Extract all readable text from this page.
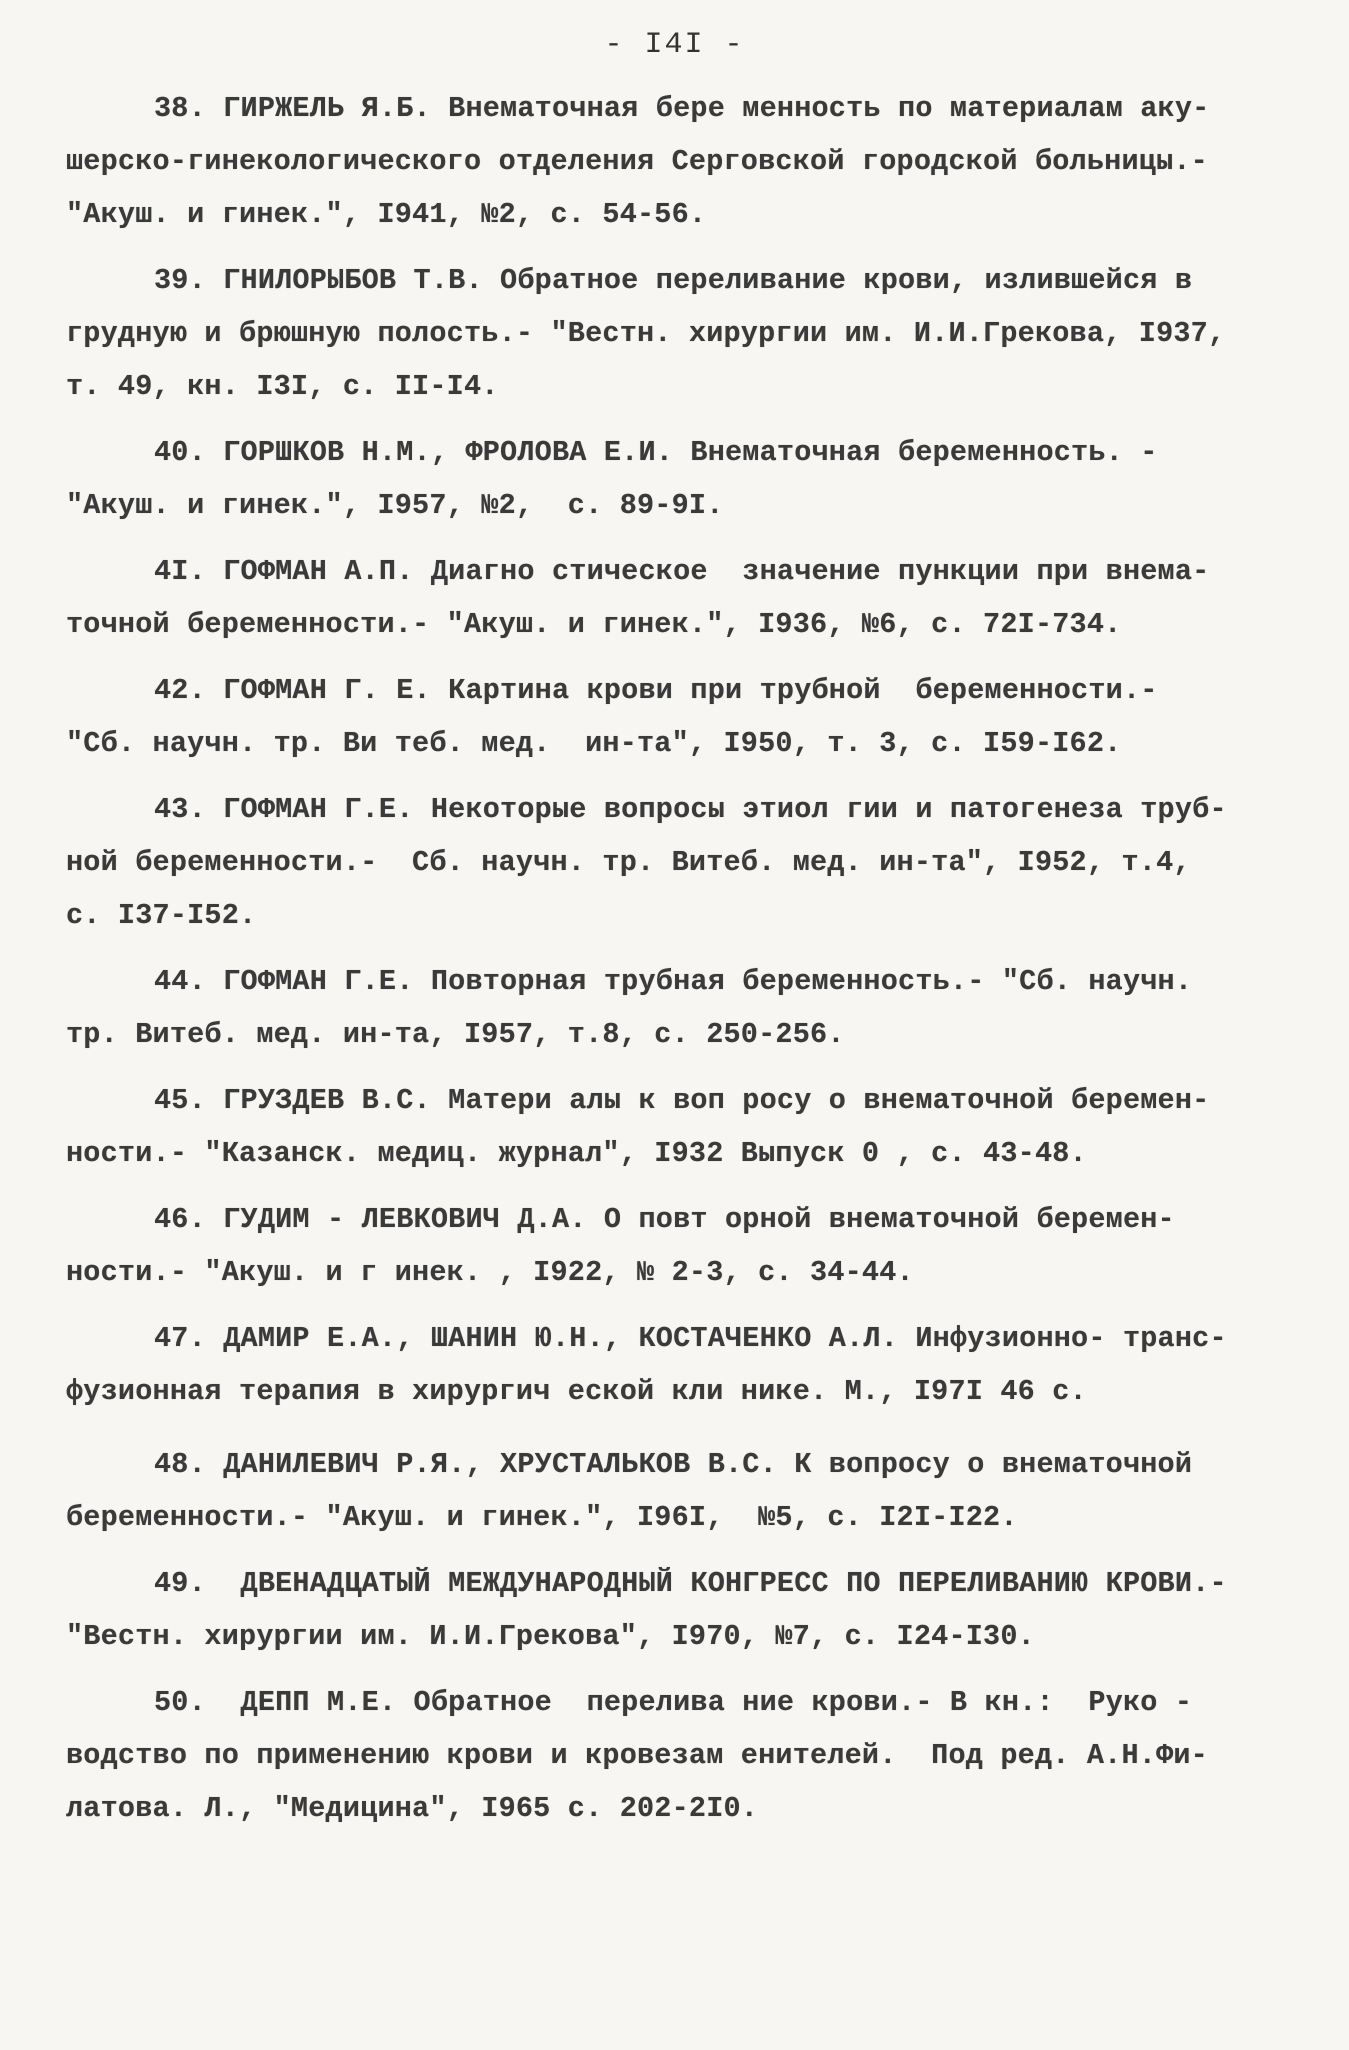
- I4I -
38. ГИРЖЕЛЬ Я.Б. Внематочная бере менность по материалам аку-
шерско-гинекологического отделения Серговской городской больницы.-
"Акуш. и гинек.", I941, №2, с. 54-56.
39. ГНИЛОРЫБОВ Т.В. Обратное переливание крови, излившейся в
грудную и брюшную полость.- "Вестн. хирургии им. И.И.Грекова, I937,
т. 49, кн. I3I, с. II-I4.
40. ГОРШКОВ Н.М., ФРОЛОВА Е.И. Внематочная беременность. -
"Акуш. и гинек.", I957, №2,  с. 89-9I.
4I. ГОФМАН А.П. Диагно стическое  значение пункции при внема-
точной беременности.- "Акуш. и гинек.", I936, №6, с. 72I-734.
42. ГОФМАН Г. Е. Картина крови при трубной  беременности.-
"Сб. научн. тр. Ви теб. мед.  ин-та", I950, т. 3, с. I59-I62.
43. ГОФМАН Г.Е. Некоторые вопросы этиол гии и патогенеза труб-
ной беременности.-  Сб. научн. тр. Витеб. мед. ин-та", I952, т.4,
с. I37-I52.
44. ГОФМАН Г.Е. Повторная трубная беременность.- "Сб. научн.
тр. Витеб. мед. ин-та, I957, т.8, с. 250-256.
45. ГРУЗДЕВ В.С. Матери алы к воп росу о внематочной беремен-
ности.- "Казанск. медиц. журнал", I932 Выпуск 0 , с. 43-48.
46. ГУДИМ - ЛЕВКОВИЧ Д.А. О повт орной внематочной беремен-
ности.- "Акуш. и г инек. , I922, № 2-3, с. 34-44.
47. ДАМИР Е.А., ШАНИН Ю.Н., КОСТАЧЕНКО А.Л. Инфузионно- транс-
фузионная терапия в хирургич еской кли нике. М., I97I 46 с.
48. ДАНИЛЕВИЧ Р.Я., ХРУСТАЛЬКОВ В.С. К вопросу о внематочной
беременности.- "Акуш. и гинек.", I96I,  №5, с. I2I-I22.
49.  ДВЕНАДЦАТЫЙ МЕЖДУНАРОДНЫЙ КОНГРЕСС ПО ПЕРЕЛИВАНИЮ КРОВИ.-
"Вестн. хирургии им. И.И.Грекова", I970, №7, с. I24-I30.
50.  ДЕПП М.Е. Обратное  перелива ние крови.- В кн.:  Руко -
водство по применению крови и кровезам енителей.  Под ред. А.Н.Фи-
латова. Л., "Медицина", I965 с. 202-2I0.
